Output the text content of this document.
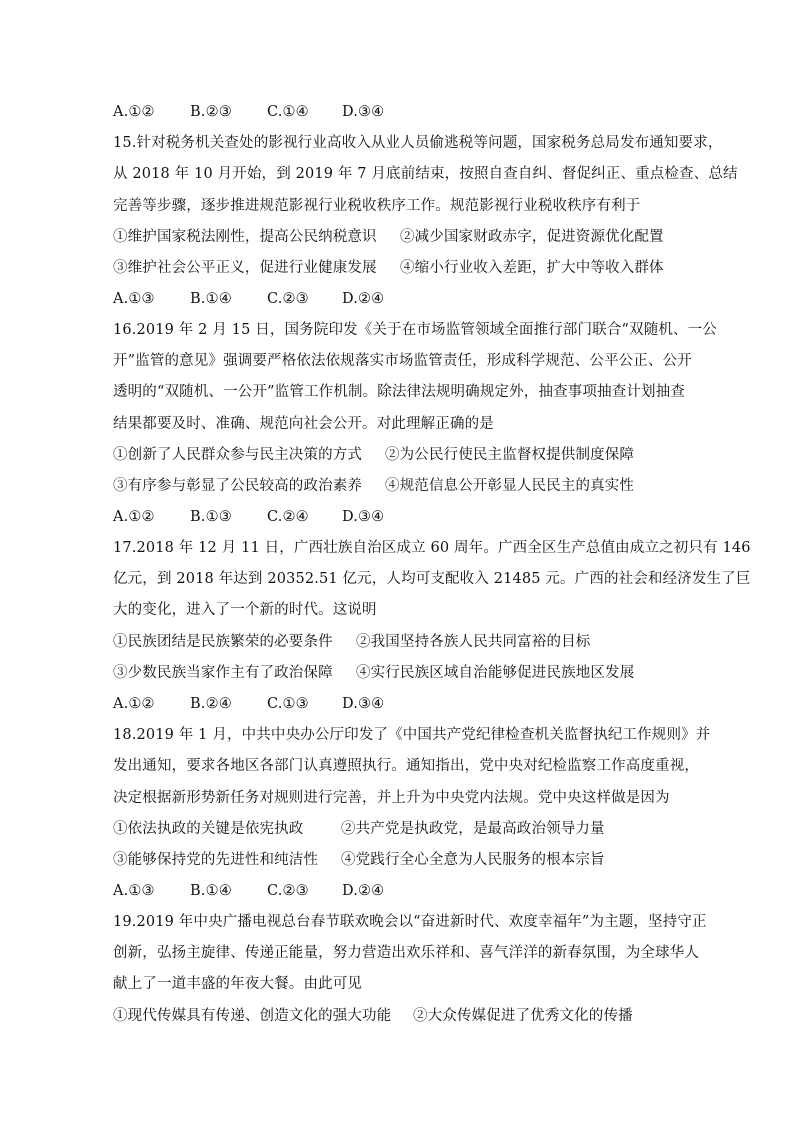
A.①② B.②③ C.①④ D.③④
15.针对税务机关查处的影视行业高收入从业人员偷逃税等问题，国家税务总局发布通知要求，
从 2018 年 10 月开始，到 2019 年 7 月底前结束，按照自查自纠、督促纠正、重点检查、总结
完善等步骤，逐步推进规范影视行业税收秩序工作。规范影视行业税收秩序有利于
①维护国家税法刚性，提高公民纳税意识 ②减少国家财政赤字，促进资源优化配置
③维护社会公平正义，促进行业健康发展 ④缩小行业收入差距，扩大中等收入群体
A.①③ B.①④ C.②③ D.②④
16.2019 年 2 月 15 日，国务院印发《关于在市场监管领域全面推行部门联合“双随机、一公
开”监管的意见》强调要严格依法依规落实市场监管责任，形成科学规范、公平公正、公开
透明的“双随机、一公开”监管工作机制。除法律法规明确规定外，抽查事项抽查计划抽查
结果都要及时、准确、规范向社会公开。对此理解正确的是
①创新了人民群众参与民主决策的方式 ②为公民行使民主监督权提供制度保障
③有序参与彰显了公民较高的政治素养 ④规范信息公开彰显人民民主的真实性
A.①② B.①③ C.②④ D.③④
17.2018 年 12 月 11 日，广西壮族自治区成立 60 周年。广西全区生产总值由成立之初只有 146
亿元，到 2018 年达到 20352.51 亿元，人均可支配收入 21485 元。广西的社会和经济发生了巨
大的变化，进入了一个新的时代。这说明
①民族团结是民族繁荣的必要条件 ②我国坚持各族人民共同富裕的目标
③少数民族当家作主有了政治保障 ④实行民族区域自治能够促进民族地区发展
A.①② B.②④ C.①③ D.③④
18.2019 年 1 月，中共中央办公厅印发了《中国共产党纪律检查机关监督执纪工作规则》并
发出通知，要求各地区各部门认真遵照执行。通知指出，党中央对纪检监察工作高度重视，
决定根据新形势新任务对规则进行完善，并上升为中央党内法规。党中央这样做是因为
①依法执政的关键是依宪执政	②共产党是执政党，是最高政治领导力量
③能够保持党的先进性和纯洁性 ④党践行全心全意为人民服务的根本宗旨
A.①③ B.①④ C.②③ D.②④
19.2019 年中央广播电视总台春节联欢晚会以“奋进新时代、欢度幸福年”为主题，坚持守正
创新，弘扬主旋律、传递正能量，努力营造出欢乐祥和、喜气洋洋的新春氛围，为全球华人
献上了一道丰盛的年夜大餐。由此可见
①现代传媒具有传递、创造文化的强大功能 ②大众传媒促进了优秀文化的传播
